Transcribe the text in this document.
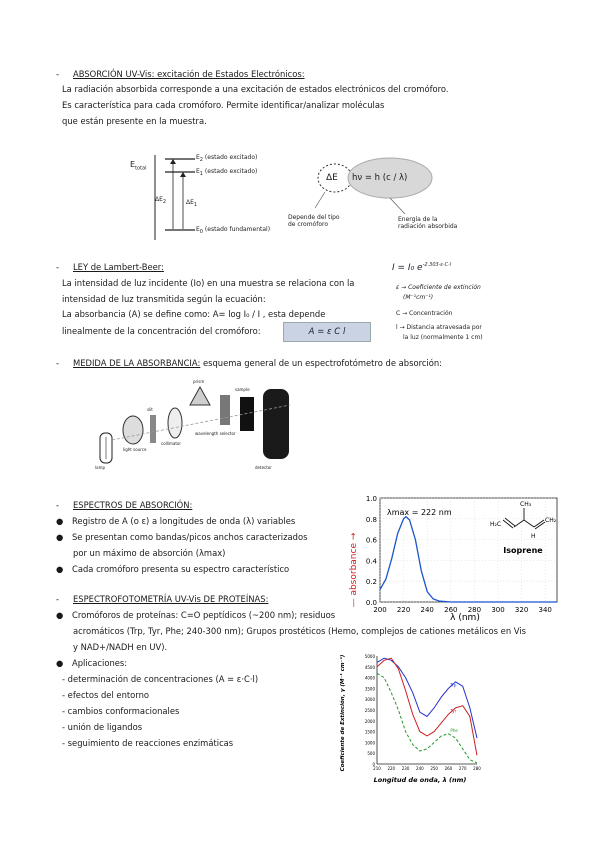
- ABSORCIÓN UV-Vis: excitación de Estados Electrónicos:
La radiación absorbida corresponde a una excitación de estados electrónicos del cromóforo.
Es característica para cada cromóforo. Permite identificar/analizar moléculas
que están presente en la muestra.
$E_{total}$
$E_2$ (estado excitado)
$E_1$ (estado excitado)
$E_0$ (estado fundamental)
$\Delta E_2$	$\Delta E_1$
ΔE hν = h (c / λ)
Depende del tipo
de cromóforo
Energía de la
radiación absorbida
- LEY de Lambert-Beer:
La intensidad de luz incidente (Io) en una muestra se relaciona con la
intensidad de luz transmitida según la ecuación:
La absorbancia (A) se define como: A= log I₀ / I , esta depende
linealmente de la concentración del cromóforo:	A = ε C l
I = I₀ $e^{-2.303\cdot\varepsilon\cdot C\cdot l}$
ε → Coeficiente de extinción
(M⁻¹cm⁻¹)
C → Concentración
l → Distancia atravesada por
la luz (normalmente 1 cm)
- MEDIDA DE LA ABSORBANCIA: esquema general de un espectrofotómetro de absorción:
lamp
light source
slit
collimator
prism
wavelength selector
sample
detector
- ESPECTROS DE ABSORCIÓN:
● Registro de A (o ε) a longitudes de onda (λ) variables
● Se presentan como bandas/picos anchos caracterizados
por un máximo de absorción (λmax)
● Cada cromóforo presenta su espectro característico
0.0
0.2
0.4
0.6
0.8
1.0
200 220 240 260 280 300 320 340
— absorbance →
λ (nm)
λmax = 222 nm
CH₃
H₂C
CH₂
H
Isoprene
- ESPECTROFOTOMETRÍA UV-Vis DE PROTEÍNAS:
● Cromóforos de proteínas: C=O peptídicos (~200 nm); residuos
acromáticos (Trp, Tyr, Phe; 240-300 nm); Grupos prostéticos (Hemo, complejos de cationes metálicos en Vis
y NAD+/NADH en UV).
● Aplicaciones:
- determinación de concentraciones (A = ε·C·l)
- efectos del entorno
- cambios conformacionales
- unión de ligandos
- seguimiento de reacciones enzimáticas
Trp
Tyr
Phe
0
500
1000
1500
2000
2500
3000
3500
4000
4500
5000
210 220 230 240 250 260 270 280
Coeficiente de Extinción, γ (M⁻¹ cm⁻¹)
Longitud de onda, λ (nm)
